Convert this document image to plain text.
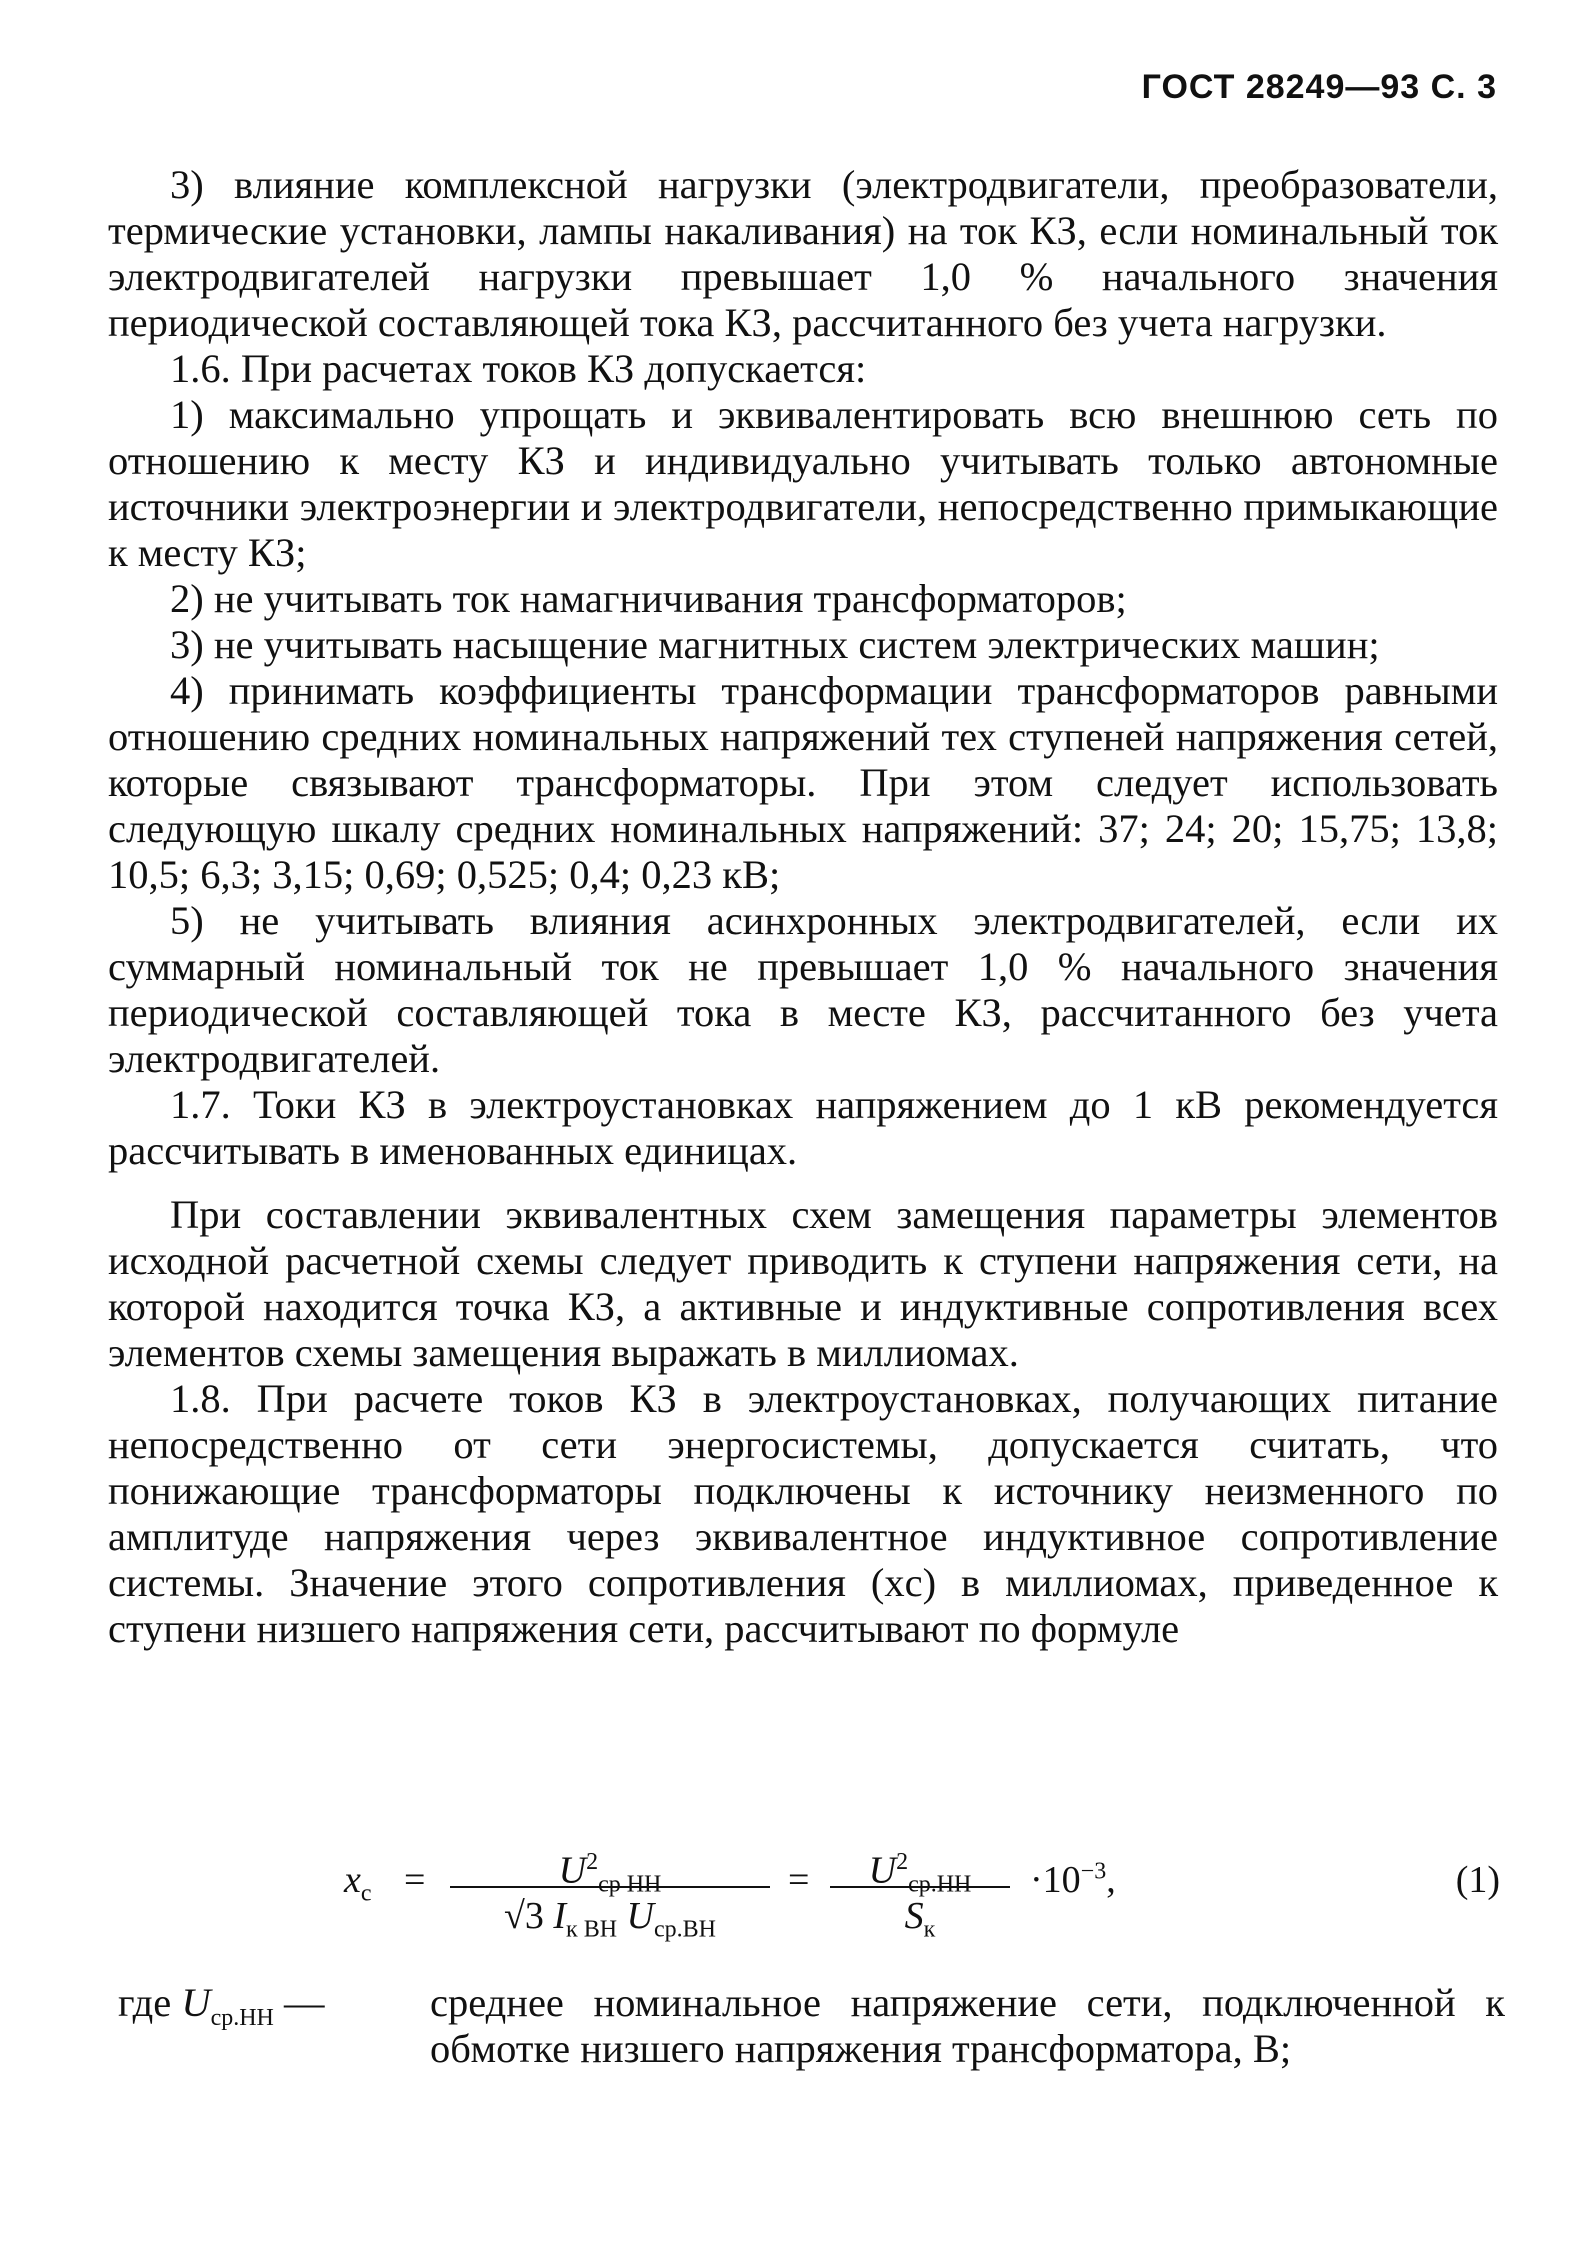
ГОСТ 28249—93 С. 3

3) влияние комплексной нагрузки (электродвигатели, преобразователи, термические установки, лампы накаливания) на ток КЗ, если номинальный ток электродвигателей нагрузки превышает 1,0 % начального значения периодической составляющей тока КЗ, рассчитанного без учета нагрузки.

1.6. При расчетах токов КЗ допускается:

1) максимально упрощать и эквивалентировать всю внешнюю сеть по отношению к месту КЗ и индивидуально учитывать только автономные источники электроэнергии и электродвигатели, непосредственно примыкающие к месту КЗ;

2) не учитывать ток намагничивания трансформаторов;

3) не учитывать насыщение магнитных систем электрических машин;

4) принимать коэффициенты трансформации трансформаторов равными отношению средних номинальных напряжений тех ступеней напряжения сетей, которые связывают трансформаторы. При этом следует использовать следующую шкалу средних номинальных напряжений: 37; 24; 20; 15,75; 13,8; 10,5; 6,3; 3,15; 0,69; 0,525; 0,4; 0,23 кВ;

5) не учитывать влияния асинхронных электродвигателей, если их суммарный номинальный ток не превышает 1,0 % начального значения периодической составляющей тока в месте КЗ, рассчитанного без учета электродвигателей.

1.7. Токи КЗ в электроустановках напряжением до 1 кВ рекомендуется рассчитывать в именованных единицах.

При составлении эквивалентных схем замещения параметры элементов исходной расчетной схемы следует приводить к ступени напряжения сети, на которой находится точка КЗ, а активные и индуктивные сопротивления всех элементов схемы замещения выражать в миллиомах.

1.8. При расчете токов КЗ в электроустановках, получающих питание непосредственно от сети энергосистемы, допускается считать, что понижающие трансформаторы подключены к источнику неизменного по амплитуде напряжения через эквивалентное индуктивное сопротивление системы. Значение этого сопротивления (xc) в миллиомах, приведенное к ступени низшего напряжения сети, рассчитывают по формуле

$x_c$ =	$U^2_{ср НН}$
√3 $I_{к ВН}$ $U_{ср.ВН}$
=	$U^2_{ср.НН}$
$S_к$
$\cdot 10^{-3}$,	(1)
где $U_{ср.НН}$ —	среднее номинальное напряжение сети, подключенной к обмотке низшего напряжения трансформатора, В;
